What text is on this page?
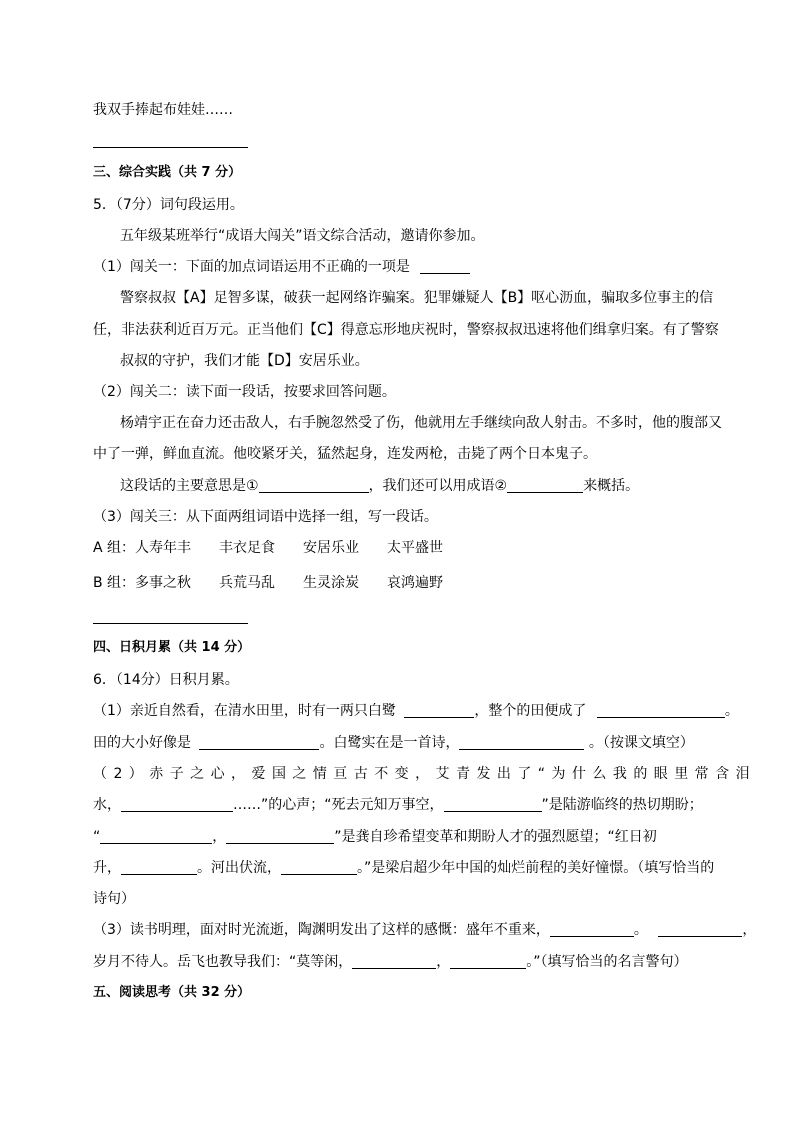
我双手捧起布娃娃……
三、综合实践（共 7 分）
5．（7分）词句段运用。
五年级某班举行“成语大闯关”语文综合活动，邀请你参加。
（1）闯关一：下面的加点词语运用不正确的一项是
警察叔叔【A】足智多谋，破获一起网络诈骗案。犯罪嫌疑人【B】呕心沥血，骗取多位事主的信
任，非法获利近百万元。正当他们【C】得意忘形地庆祝时，警察叔叔迅速将他们缉拿归案。有了警察
叔叔的守护，我们才能【D】安居乐业。
（2）闯关二：读下面一段话，按要求回答问题。
杨靖宇正在奋力还击敌人，右手腕忽然受了伤，他就用左手继续向敌人射击。不多时，他的腹部又
中了一弹，鲜血直流。他咬紧牙关，猛然起身，连发两枪，击毙了两个日本鬼子。
这段话的主要意思是①	，我们还可以用成语②	来概括。
（3）闯关三：从下面两组词语中选择一组，写一段话。
A 组：人寿年丰　　丰衣足食　　安居乐业　　太平盛世
B 组：多事之秋　　兵荒马乱　　生灵涂炭　　哀鸿遍野
四、日积月累（共 14 分）
6．（14分）日积月累。
（1）亲近自然看，在清水田里，时有一两只白鹭	，整个的田便成了	。
田的大小好像是	。白鹭实在是一首诗，	。（按课文填空）
（ 2 ） 赤 子 之 心 ， 爱 国 之 情 亘 古 不 变 ， 艾 青 发 出 了 “ 为 什 么 我 的 眼 里 常 含 泪
水，	……”的心声；“死去元知万事空，	”是陆游临终的热切期盼；
“	，	”是龚自珍希望变革和期盼人才的强烈愿望；“红日初
升，	。河出伏流，	。”是梁启超少年中国的灿烂前程的美好憧憬。（填写恰当的
诗句）
（3）读书明理，面对时光流逝，陶渊明发出了这样的感慨：盛年不重来，	。	，
岁月不待人。岳飞也教导我们：“莫等闲，	，	。”（填写恰当的名言警句）
五、阅读思考（共 32 分）
